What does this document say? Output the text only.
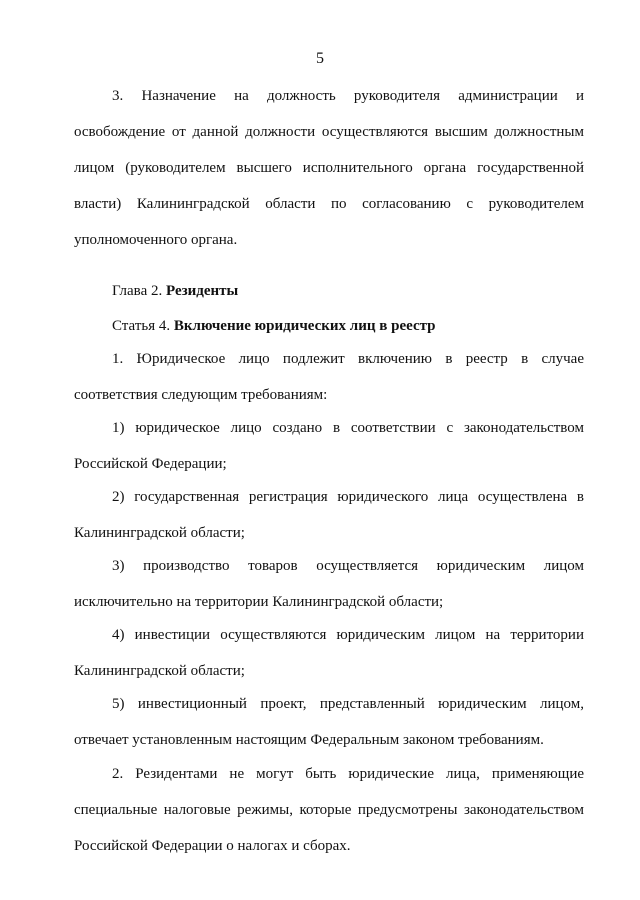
5
3. Назначение на должность руководителя администрации и
освобождение от данной должности осуществляются высшим должностным
лицом (руководителем высшего исполнительного органа государственной
власти) Калининградской области по согласованию с руководителем
уполномоченного органа.
Глава 2. Резиденты
Статья 4. Включение юридических лиц в реестр
1. Юридическое лицо подлежит включению в реестр в случае
соответствия следующим требованиям:
1) юридическое лицо создано в соответствии с законодательством
Российской Федерации;
2) государственная регистрация юридического лица осуществлена в
Калининградской области;
3) производство товаров осуществляется юридическим лицом
исключительно на территории Калининградской области;
4) инвестиции осуществляются юридическим лицом на территории
Калининградской области;
5) инвестиционный проект, представленный юридическим лицом,
отвечает установленным настоящим Федеральным законом требованиям.
2. Резидентами не могут быть юридические лица, применяющие
специальные налоговые режимы, которые предусмотрены законодательством
Российской Федерации о налогах и сборах.
